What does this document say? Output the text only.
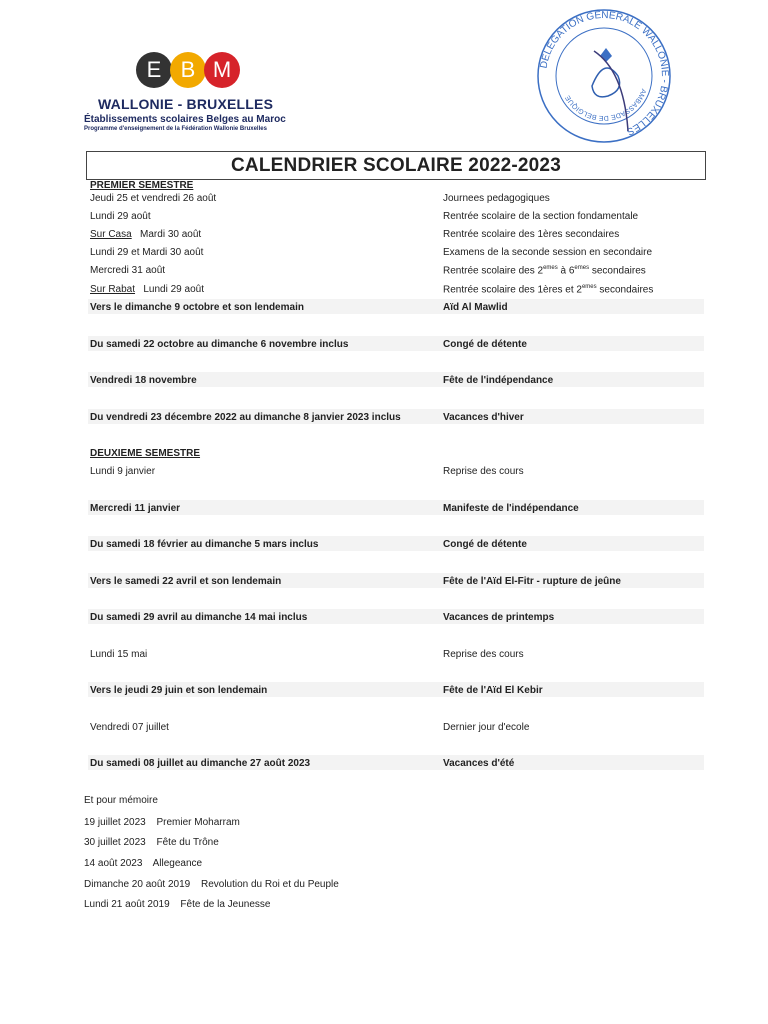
E B M
WALLONIE - BRUXELLES
Établissements scolaires Belges au Maroc
Programme d'enseignement de la Fédération Wallonie Bruxelles
DELEGATION GENERALE WALLONIE - BRUXELLES
AMBASSADE DE BELGIQUE
CALENDRIER SCOLAIRE 2022-2023
PREMIER SEMESTRE
Jeudi 25 et vendredi 26 août	Journees pedagogiques
Lundi 29 août	Rentrée scolaire de la section fondamentale
Sur Casa Mardi 30 août	Rentrée scolaire des 1ères secondaires
Lundi 29 et Mardi 30 août	Examens de la seconde session en secondaire
Mercredi 31 août	Rentrée scolaire des 2emes à 6emes secondaires
Sur Rabat Lundi 29 août	Rentrée scolaire des 1ères et 2emes secondaires
Vers le dimanche 9 octobre et son lendemain	Aïd Al Mawlid
Du samedi 22 octobre au dimanche 6 novembre inclus	Congé de détente
Vendredi 18 novembre	Fête de l'indépendance
Du vendredi 23 décembre 2022 au dimanche 8 janvier 2023 inclus	Vacances d'hiver
DEUXIEME SEMESTRE
Lundi 9 janvier	Reprise des cours
Mercredi 11 janvier	Manifeste de l'indépendance
Du samedi 18 février au dimanche 5 mars inclus	Congé de détente
Vers le samedi 22 avril et son lendemain	Fête de l'Aïd El-Fitr - rupture de jeûne
Du samedi 29 avril au dimanche 14 mai inclus	Vacances de printemps
Lundi 15 mai	Reprise des cours
Vers le jeudi 29 juin et son lendemain	Fête de l'Aïd El Kebir
Vendredi 07 juillet	Dernier jour d'ecole
Du samedi 08 juillet au dimanche 27 août 2023	Vacances d'été
Et pour mémoire
19 juillet 2023 Premier Moharram
30 juillet 2023 Fête du Trône
14 août 2023 Allegeance
Dimanche 20 août 2019 Revolution du Roi et du Peuple
Lundi 21 août 2019 Fête de la Jeunesse
